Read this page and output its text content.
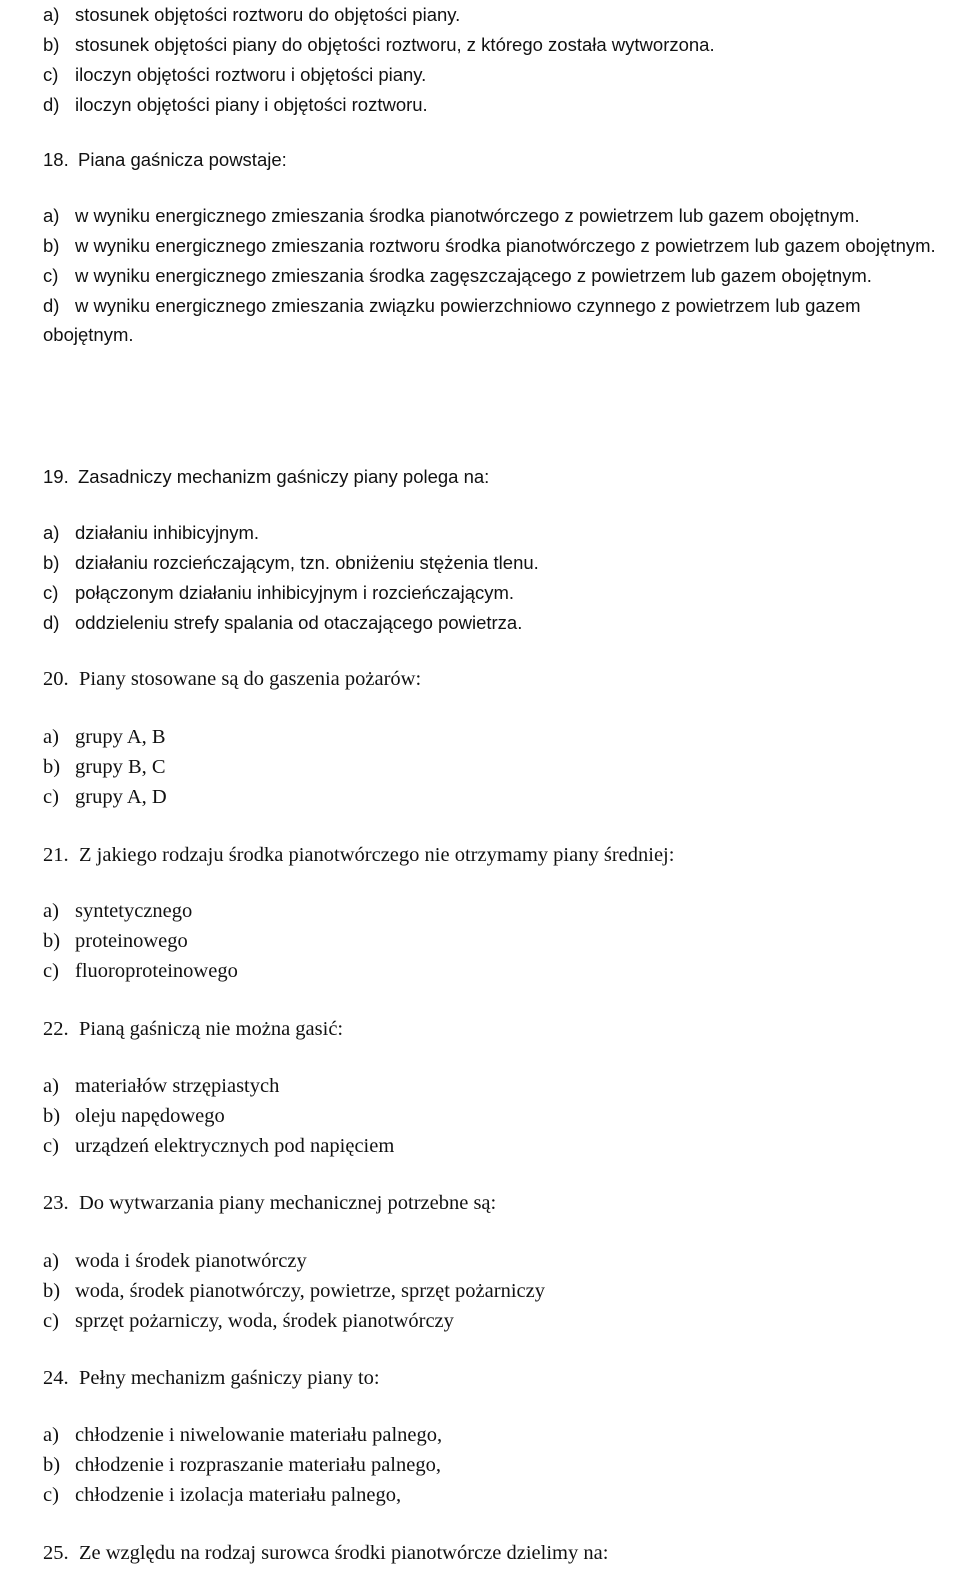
a) stosunek objętości roztworu do objętości piany.
b) stosunek objętości piany do objętości roztworu, z którego została wytworzona.
c) iloczyn objętości roztworu i objętości piany.
d) iloczyn objętości piany i objętości roztworu.
18. Piana gaśnicza powstaje:
a) w wyniku energicznego zmieszania środka pianotwórczego z powietrzem lub gazem obojętnym.
b) w wyniku energicznego zmieszania roztworu środka pianotwórczego z powietrzem lub gazem obojętnym.
c) w wyniku energicznego zmieszania środka zagęszczającego z powietrzem lub gazem obojętnym.
d) w wyniku energicznego zmieszania związku powierzchniowo czynnego z powietrzem lub gazem obojętnym.
19. Zasadniczy mechanizm gaśniczy piany polega na:
a) działaniu inhibicyjnym.
b) działaniu rozcieńczającym, tzn. obniżeniu stężenia tlenu.
c) połączonym działaniu inhibicyjnym i rozcieńczającym.
d) oddzieleniu strefy spalania od otaczającego powietrza.
20. Piany stosowane są do gaszenia pożarów:
a) grupy A, B
b) grupy B, C
c) grupy A, D
21. Z jakiego rodzaju środka pianotwórczego nie otrzymamy piany średniej:
a) syntetycznego
b) proteinowego
c) fluoroproteinowego
22. Pianą gaśniczą nie można gasić:
a) materiałów strzępiastych
b) oleju napędowego
c) urządzeń elektrycznych pod napięciem
23. Do wytwarzania piany mechanicznej potrzebne są:
a) woda i środek pianotwórczy
b) woda, środek pianotwórczy, powietrze, sprzęt pożarniczy
c) sprzęt pożarniczy, woda, środek pianotwórczy
24. Pełny mechanizm gaśniczy piany to:
a) chłodzenie i niwelowanie materiału palnego,
b) chłodzenie i rozpraszanie materiału palnego,
c) chłodzenie i izolacja materiału palnego,
25. Ze względu na rodzaj surowca środki pianotwórcze dzielimy na:
